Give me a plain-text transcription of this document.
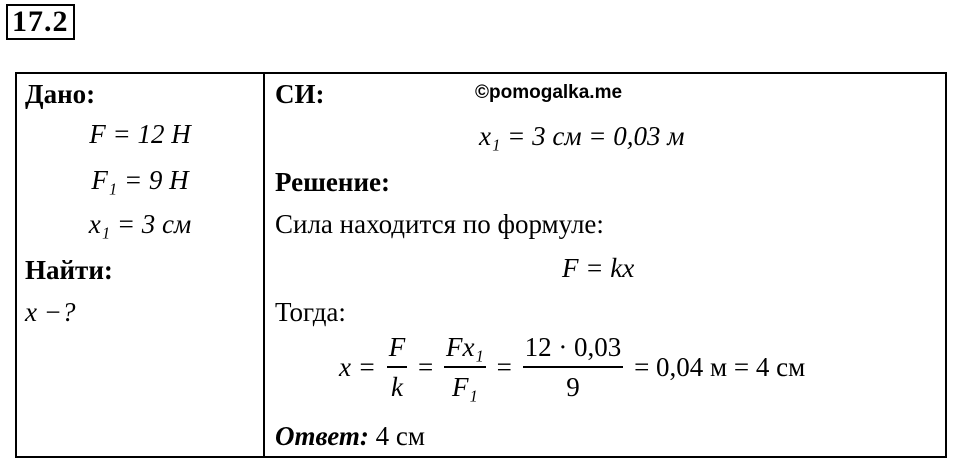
17.2
Дано:
F = 12 Н
F₁ = 9 Н
x₁ = 3 см
Найти:
x −?
СИ:	©pomogalka.me
x₁ = 3 см = 0,03 м
Решение:
Сила находится по формуле:
F = kx
Тогда:
$x = \frac{F}{k} = \frac{\text{Fx₁}}{\text{F₁}} = \frac{12 \cdot 0,03}{9} = 0,04$ м = 4 см
Ответ: 4 см
